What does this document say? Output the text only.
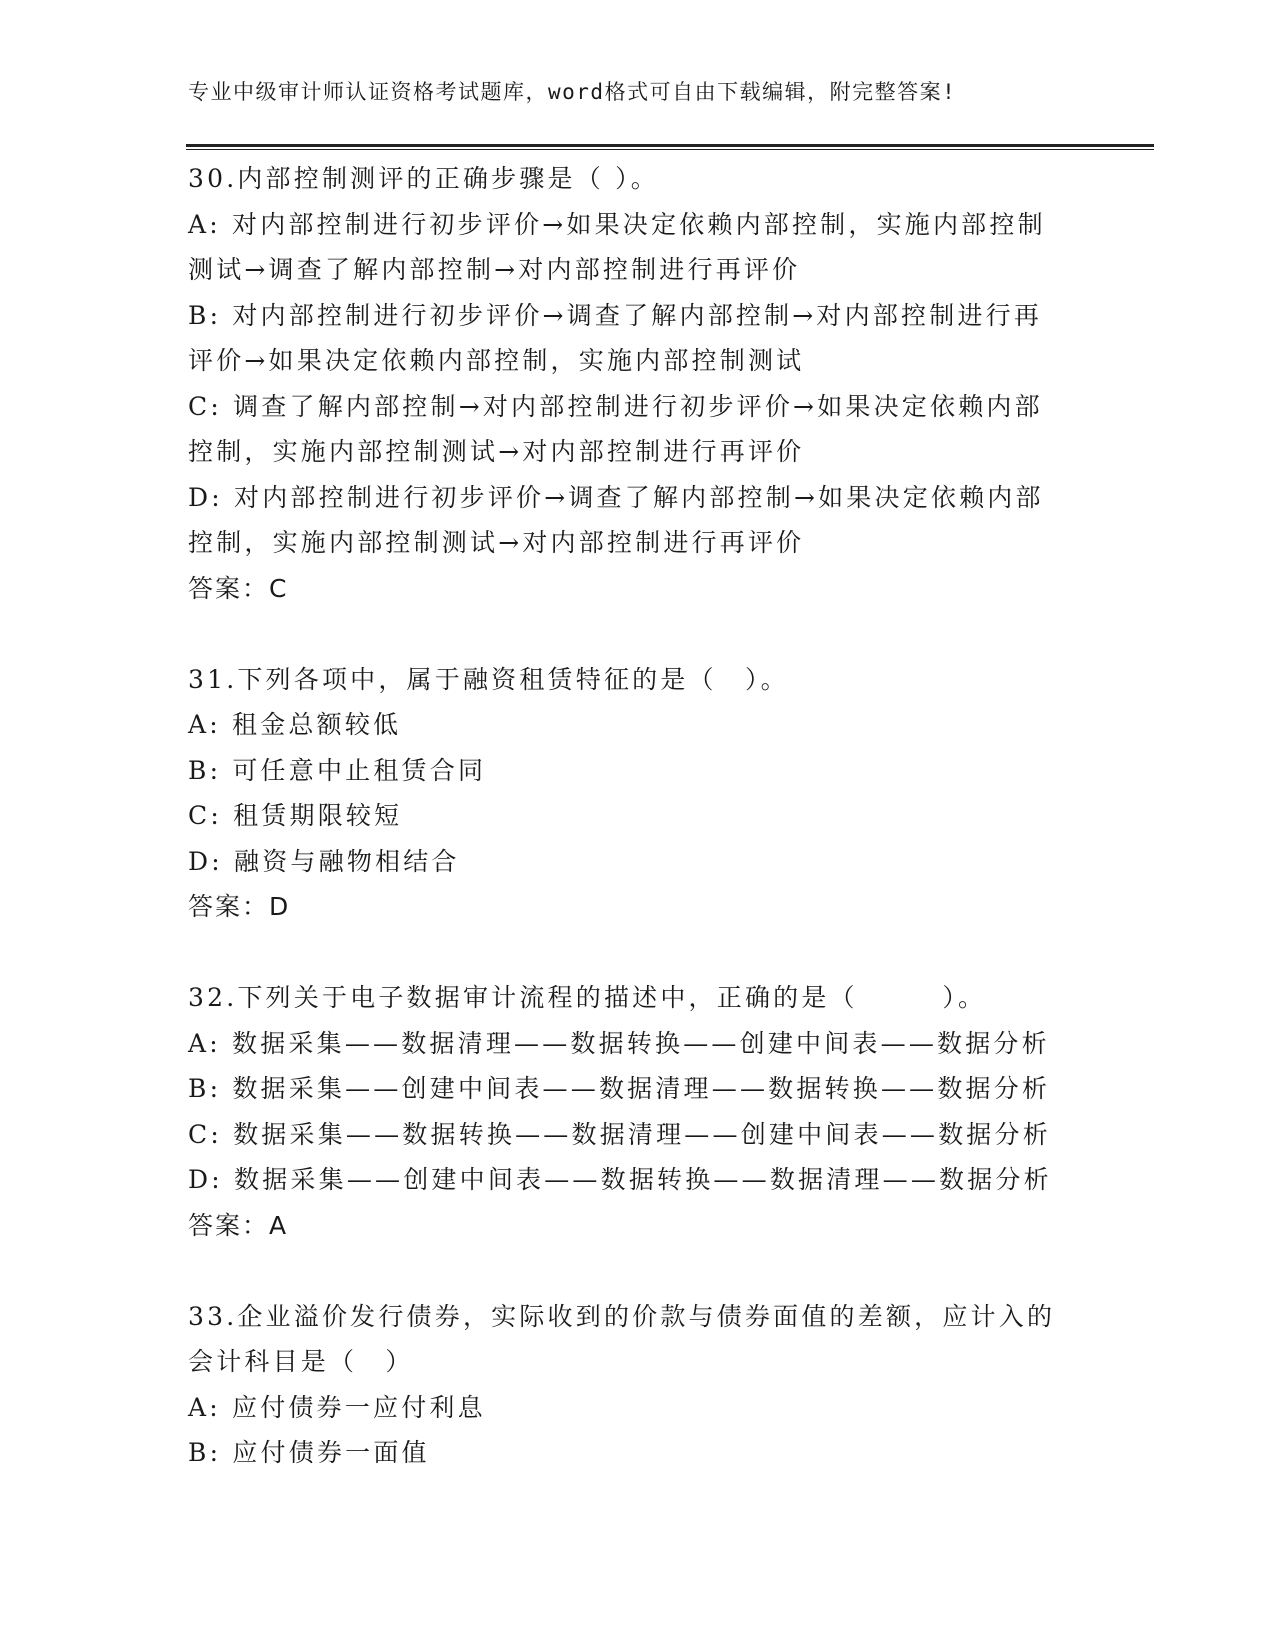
专业中级审计师认证资格考试题库，word格式可自由下载编辑，附完整答案!
30.内部控制测评的正确步骤是（ ）。
A: 对内部控制进行初步评价→如果决定依赖内部控制，实施内部控制
测试→调查了解内部控制→对内部控制进行再评价
B: 对内部控制进行初步评价→调查了解内部控制→对内部控制进行再
评价→如果决定依赖内部控制，实施内部控制测试
C: 调查了解内部控制→对内部控制进行初步评价→如果决定依赖内部
控制，实施内部控制测试→对内部控制进行再评价
D: 对内部控制进行初步评价→调查了解内部控制→如果决定依赖内部
控制，实施内部控制测试→对内部控制进行再评价
答案：C
31.下列各项中，属于融资租赁特征的是（　）。
A: 租金总额较低
B: 可任意中止租赁合同
C: 租赁期限较短
D: 融资与融物相结合
答案：D
32.下列关于电子数据审计流程的描述中，正确的是（　　　）。
A: 数据采集——数据清理——数据转换——创建中间表——数据分析
B: 数据采集——创建中间表——数据清理——数据转换——数据分析
C: 数据采集——数据转换——数据清理——创建中间表——数据分析
D: 数据采集——创建中间表——数据转换——数据清理——数据分析
答案：A
33.企业溢价发行债券，实际收到的价款与债券面值的差额，应计入的
会计科目是（　）
A: 应付债券一应付利息
B: 应付债券一面值
